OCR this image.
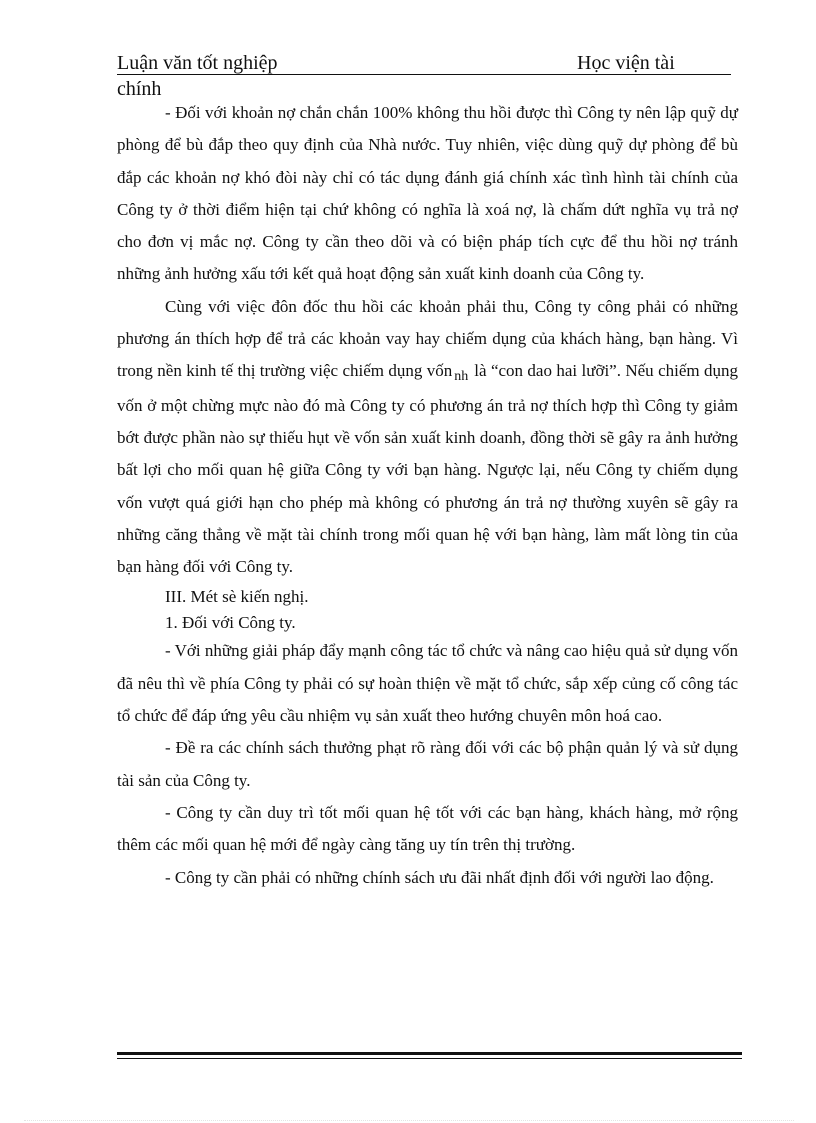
Luận văn tốt nghiệp	Học viện tài
chính

- Đối với khoản nợ chắn chắn 100% không thu hồi được thì Công ty nên lập quỹ dự phòng để bù đắp theo quy định của Nhà nước. Tuy nhiên, việc dùng quỹ dự phòng để bù đắp các khoản nợ khó đòi này chỉ có tác dụng đánh giá chính xác tình hình tài chính của Công ty ở thời điểm hiện tại chứ không có nghĩa là xoá nợ, là chấm dứt nghĩa vụ trả nợ cho đơn vị mắc nợ. Công ty cần theo dõi và có biện pháp tích cực để thu hồi nợ tránh những ảnh hưởng xấu tới kết quả hoạt động sản xuất kinh doanh của Công ty.

Cùng với việc đôn đốc thu hồi các khoản phải thu, Công ty công phải có những phương án thích hợp để trả các khoản vay hay chiếm dụng của khách hàng, bạn hàng. Vì trong nền kinh tế thị trường việc chiếm dụng vốn $_{nh}$ là “con dao hai lưỡi”. Nếu chiếm dụng vốn ở một chừng mực nào đó mà Công ty có phương án trả nợ thích hợp thì Công ty giảm bớt được phần nào sự thiếu hụt về vốn sản xuất kinh doanh, đồng thời sẽ gây ra ảnh hưởng bất lợi cho mối quan hệ giữa Công ty với bạn hàng. Ngược lại, nếu Công ty chiếm dụng vốn vượt quá giới hạn cho phép mà không có phương án trả nợ thường xuyên sẽ gây ra những căng thẳng về mặt tài chính trong mối quan hệ với bạn hàng, làm mất lòng tin của bạn hàng đối với Công ty.

III. Mét sè kiến nghị.

1. Đối với Công ty.

- Với những giải pháp đẩy mạnh công tác tổ chức và nâng cao hiệu quả sử dụng vốn đã nêu thì về phía Công ty phải có sự hoàn thiện về mặt tổ chức, sắp xếp củng cố công tác tổ chức để đáp ứng yêu cầu nhiệm vụ sản xuất theo hướng chuyên môn hoá cao.

- Đề ra các chính sách thưởng phạt rõ ràng đối với các bộ phận quản lý và sử dụng tài sản của Công ty.

- Công ty cần duy trì tốt mối quan hệ tốt với các bạn hàng, khách hàng, mở rộng thêm các mối quan hệ mới để ngày càng tăng uy tín trên thị trường.

- Công ty cần phải có những chính sách ưu đãi nhất định đối với người lao động.
